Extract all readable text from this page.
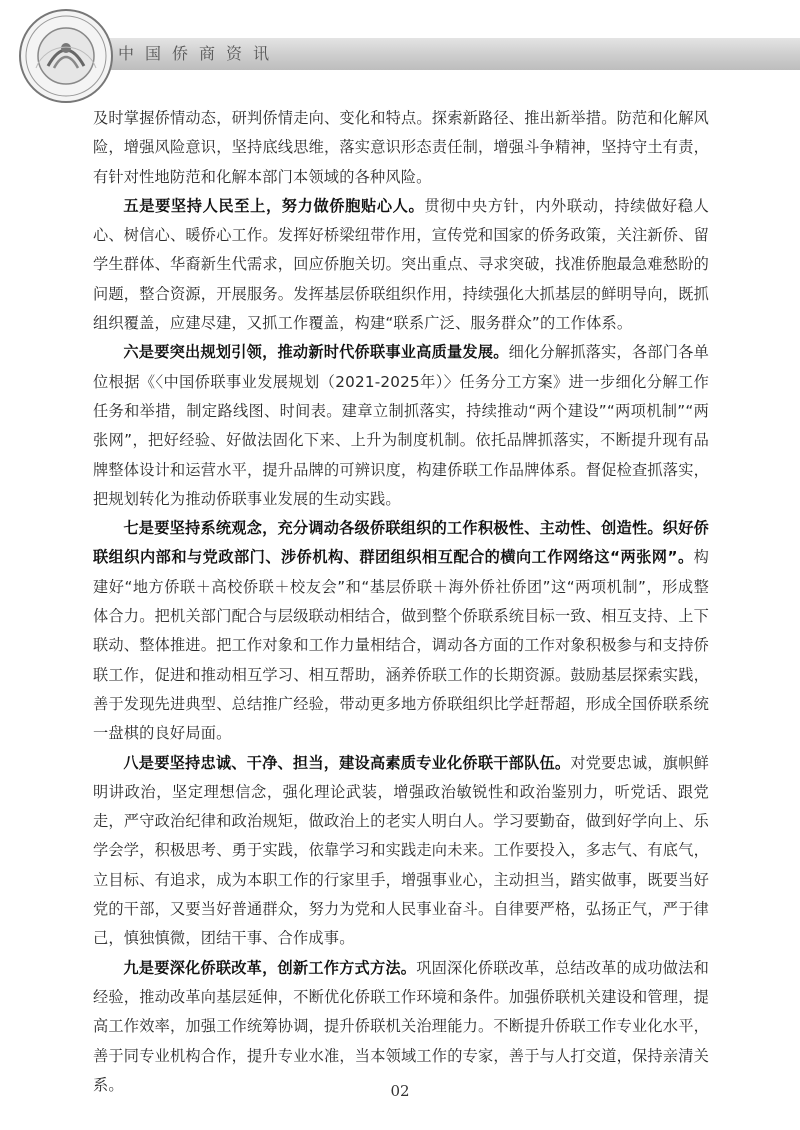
中国侨商资讯

及时掌握侨情动态，研判侨情走向、变化和特点。探索新路径、推出新举措。防范和化解风险，增强风险意识，坚持底线思维，落实意识形态责任制，增强斗争精神，坚持守土有责，有针对性地防范和化解本部门本领域的各种风险。

五是要坚持人民至上，努力做侨胞贴心人。贯彻中央方针，内外联动，持续做好稳人心、树信心、暖侨心工作。发挥好桥梁纽带作用，宣传党和国家的侨务政策，关注新侨、留学生群体、华裔新生代需求，回应侨胞关切。突出重点、寻求突破，找准侨胞最急难愁盼的问题，整合资源，开展服务。发挥基层侨联组织作用，持续强化大抓基层的鲜明导向，既抓组织覆盖，应建尽建，又抓工作覆盖，构建“联系广泛、服务群众”的工作体系。

六是要突出规划引领，推动新时代侨联事业高质量发展。细化分解抓落实，各部门各单位根据《〈中国侨联事业发展规划（2021-2025年）〉任务分工方案》进一步细化分解工作任务和举措，制定路线图、时间表。建章立制抓落实，持续推动“两个建设”“两项机制”“两张网”，把好经验、好做法固化下来、上升为制度机制。依托品牌抓落实，不断提升现有品牌整体设计和运营水平，提升品牌的可辨识度，构建侨联工作品牌体系。督促检查抓落实，把规划转化为推动侨联事业发展的生动实践。

七是要坚持系统观念，充分调动各级侨联组织的工作积极性、主动性、创造性。织好侨联组织内部和与党政部门、涉侨机构、群团组织相互配合的横向工作网络这“两张网”。构建好“地方侨联＋高校侨联＋校友会”和“基层侨联＋海外侨社侨团”这“两项机制”，形成整体合力。把机关部门配合与层级联动相结合，做到整个侨联系统目标一致、相互支持、上下联动、整体推进。把工作对象和工作力量相结合，调动各方面的工作对象积极参与和支持侨联工作，促进和推动相互学习、相互帮助，涵养侨联工作的长期资源。鼓励基层探索实践，善于发现先进典型、总结推广经验，带动更多地方侨联组织比学赶帮超，形成全国侨联系统一盘棋的良好局面。

八是要坚持忠诚、干净、担当，建设高素质专业化侨联干部队伍。对党要忠诚，旗帜鲜明讲政治，坚定理想信念，强化理论武装，增强政治敏锐性和政治鉴别力，听党话、跟党走，严守政治纪律和政治规矩，做政治上的老实人明白人。学习要勤奋，做到好学向上、乐学会学，积极思考、勇于实践，依靠学习和实践走向未来。工作要投入，多志气、有底气，立目标、有追求，成为本职工作的行家里手，增强事业心，主动担当，踏实做事，既要当好党的干部，又要当好普通群众，努力为党和人民事业奋斗。自律要严格，弘扬正气，严于律己，慎独慎微，团结干事、合作成事。

九是要深化侨联改革，创新工作方式方法。巩固深化侨联改革，总结改革的成功做法和经验，推动改革向基层延伸，不断优化侨联工作环境和条件。加强侨联机关建设和管理，提高工作效率，加强工作统筹协调，提升侨联机关治理能力。不断提升侨联工作专业化水平，善于同专业机构合作，提升专业水准，当本领域工作的专家，善于与人打交道，保持亲清关系。	02
